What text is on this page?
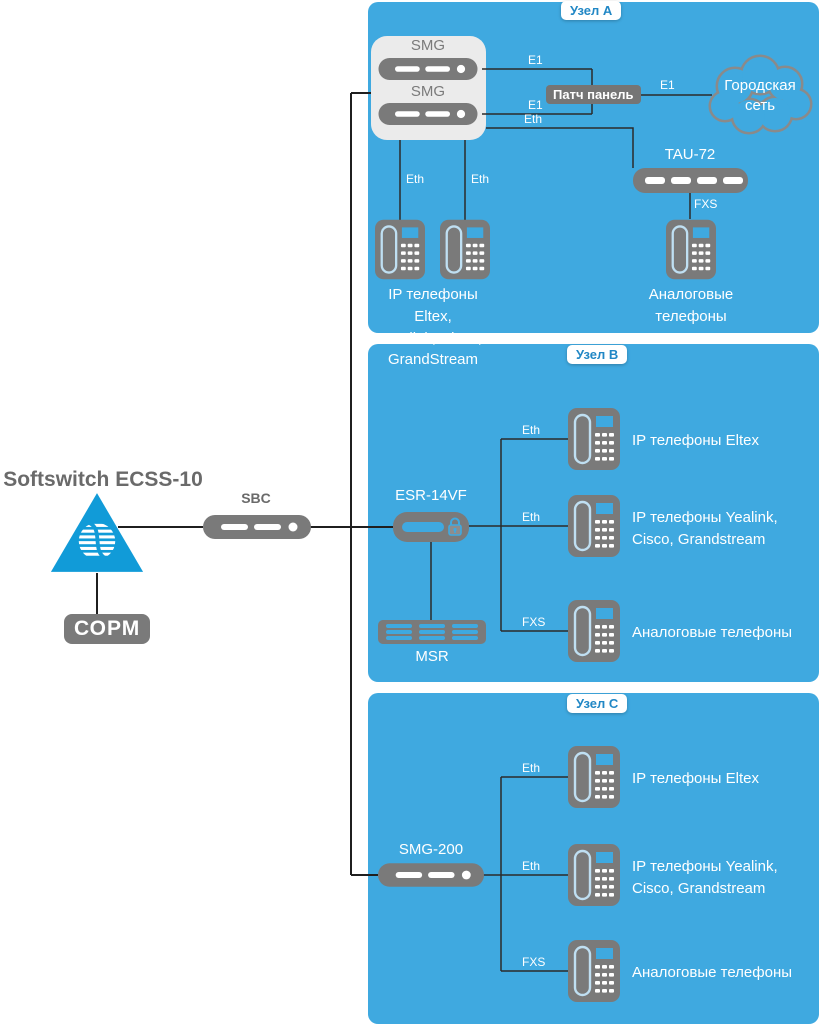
Softswitch ECSS-10
СОРМ
SBC
Узел A
SMG
SMG
E1
E1
Патч панель
E1	Городская
сеть
Eth
TAU-72
FXS
Eth	Eth
IP телефоны Eltex,
Yealink, Cisco,
GrandStream
Аналоговые
телефоны
Узел B
ESR-14VF
MSR
Eth
Eth
FXS
IP телефоны Eltex
IP телефоны Yealink,
Cisco, Grandstream
Аналоговые телефоны
Узел C
SMG-200
Eth
Eth
FXS
IP телефоны Eltex
IP телефоны Yealink,
Cisco, Grandstream
Аналоговые телефоны
